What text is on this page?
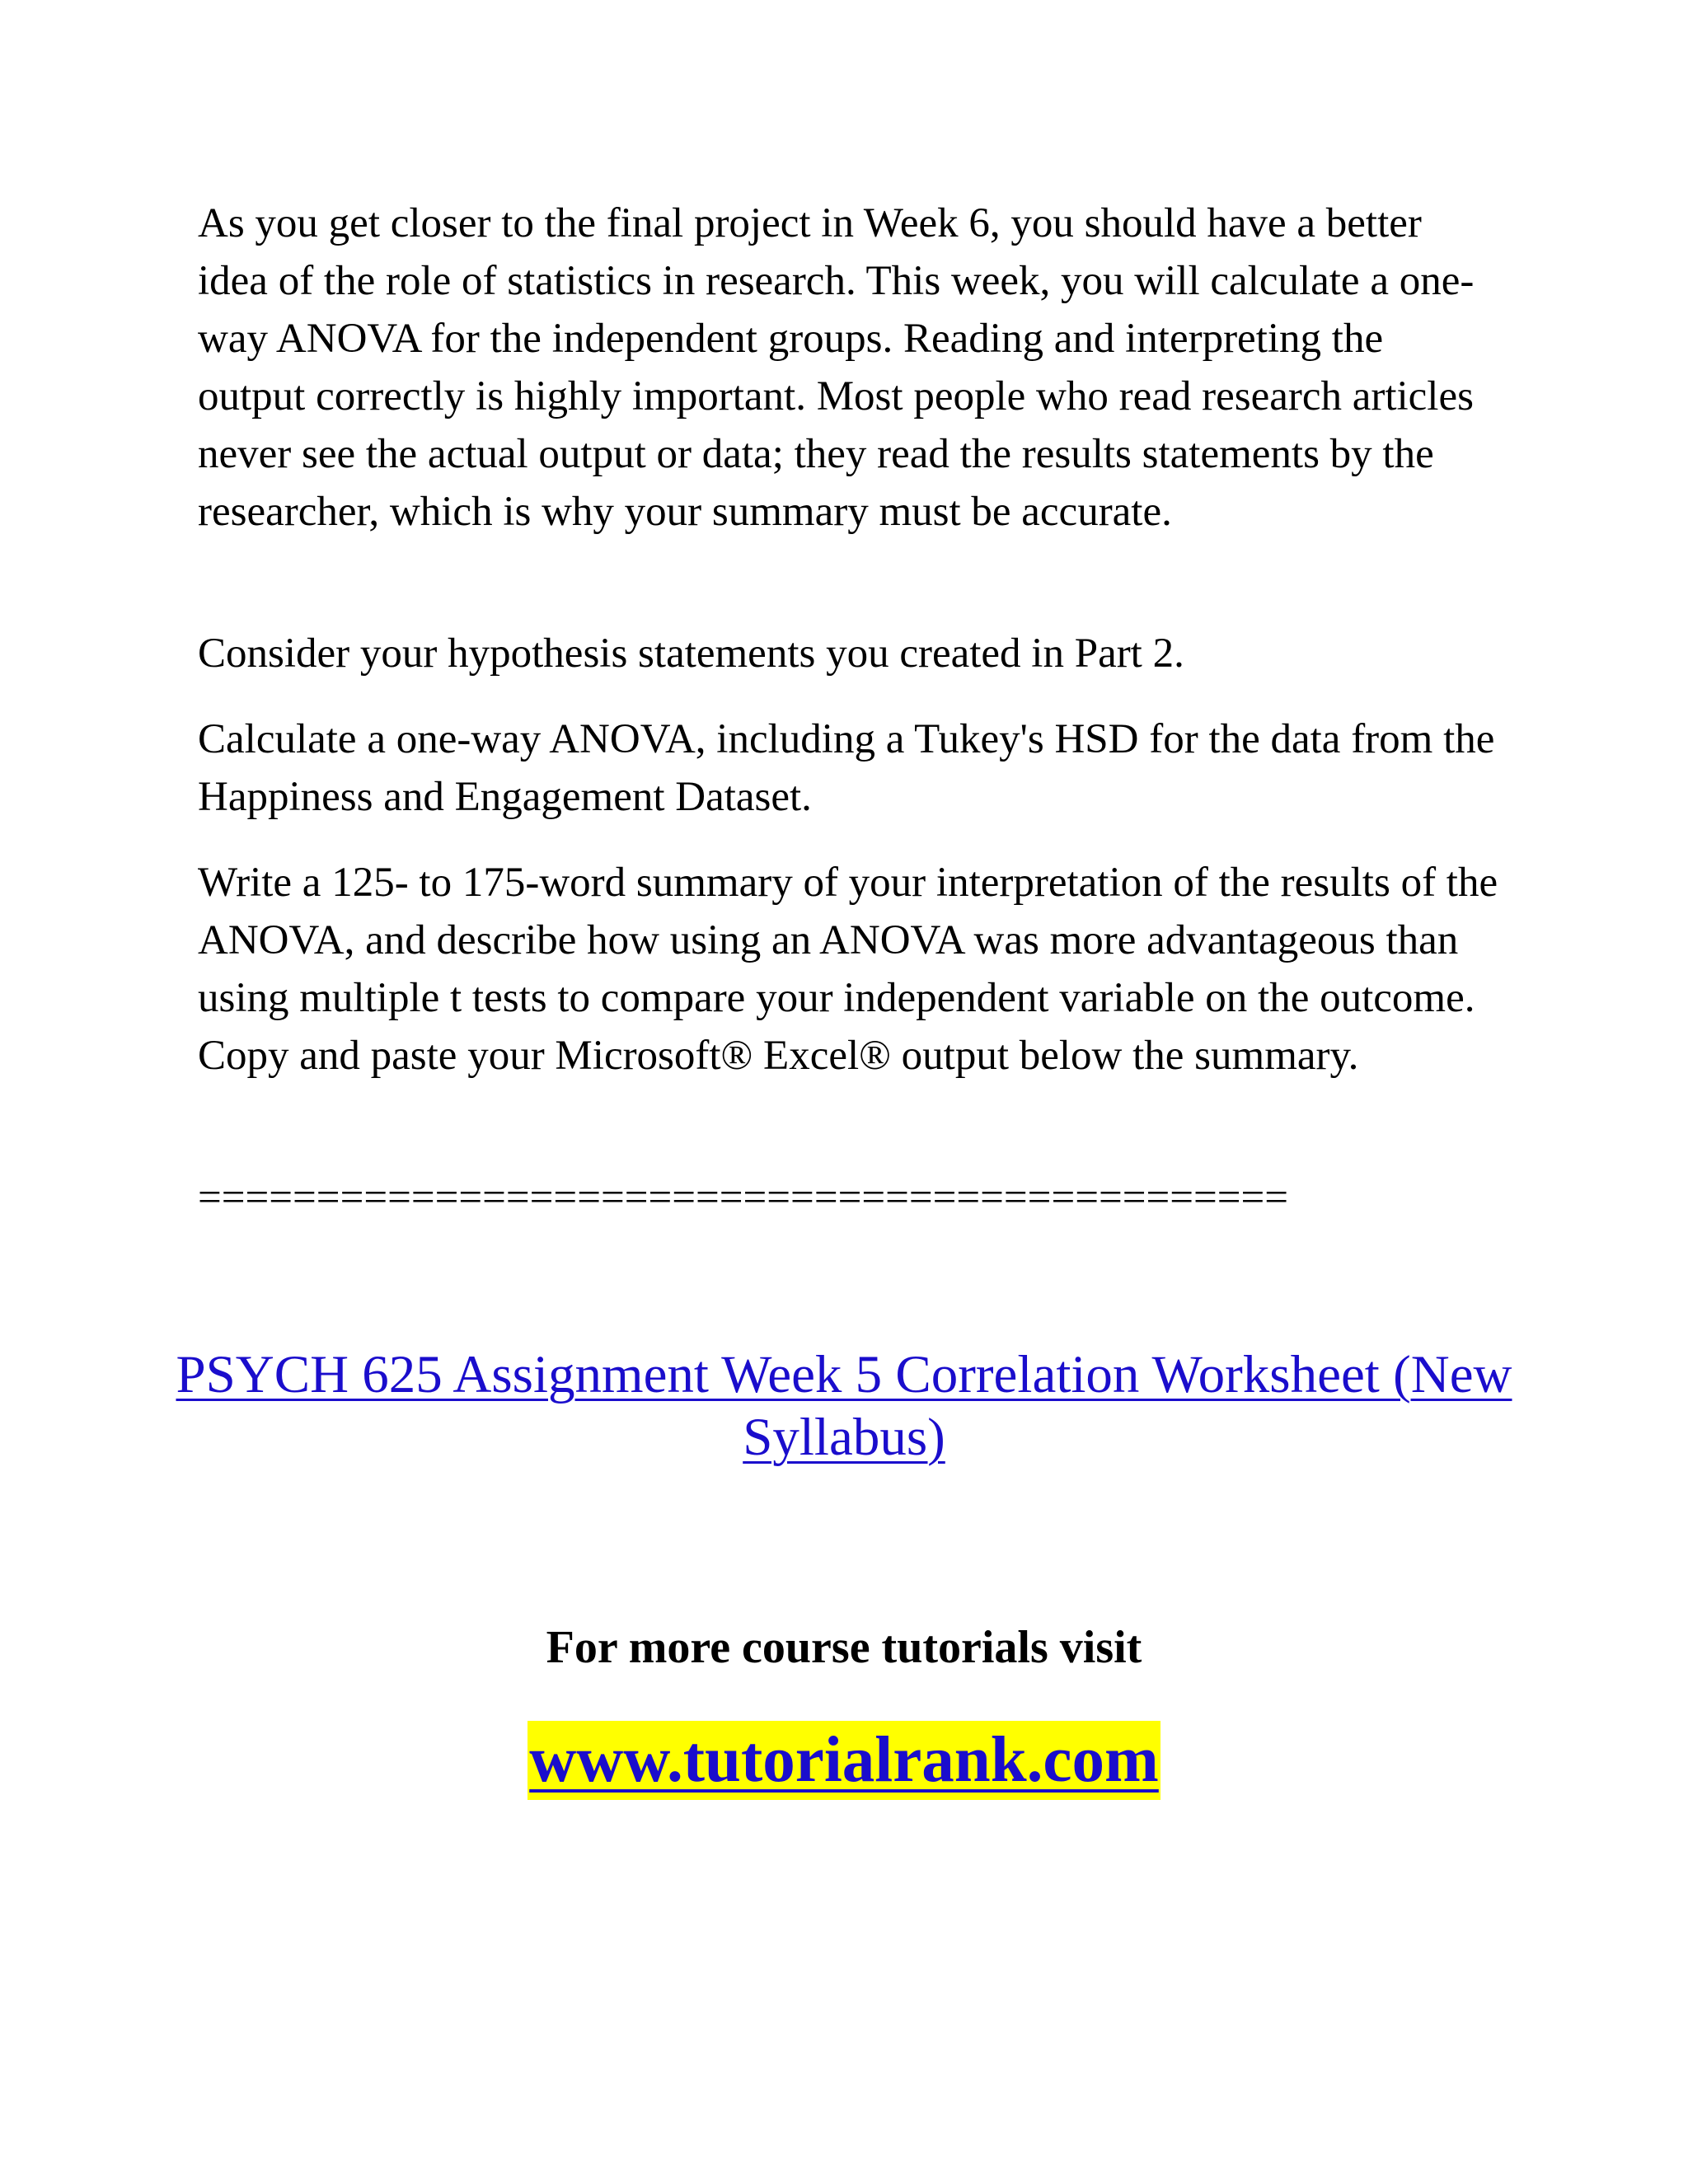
As you get closer to the final project in Week 6, you should have a better idea of the role of statistics in research. This week, you will calculate a one-way ANOVA for the independent groups. Reading and interpreting the output correctly is highly important. Most people who read research articles never see the actual output or data; they read the results statements by the researcher, which is why your summary must be accurate.

Consider your hypothesis statements you created in Part 2.

Calculate a one-way ANOVA, including a Tukey's HSD for the data from the Happiness and Engagement Dataset.

Write a 125- to 175-word summary of your interpretation of the results of the ANOVA, and describe how using an ANOVA was more advantageous than using multiple t tests to compare your independent variable on the outcome. Copy and paste your Microsoft® Excel® output below the summary.

==============================================
PSYCH 625 Assignment Week 5 Correlation Worksheet (New Syllabus)
For more course tutorials visit
www.tutorialrank.com
